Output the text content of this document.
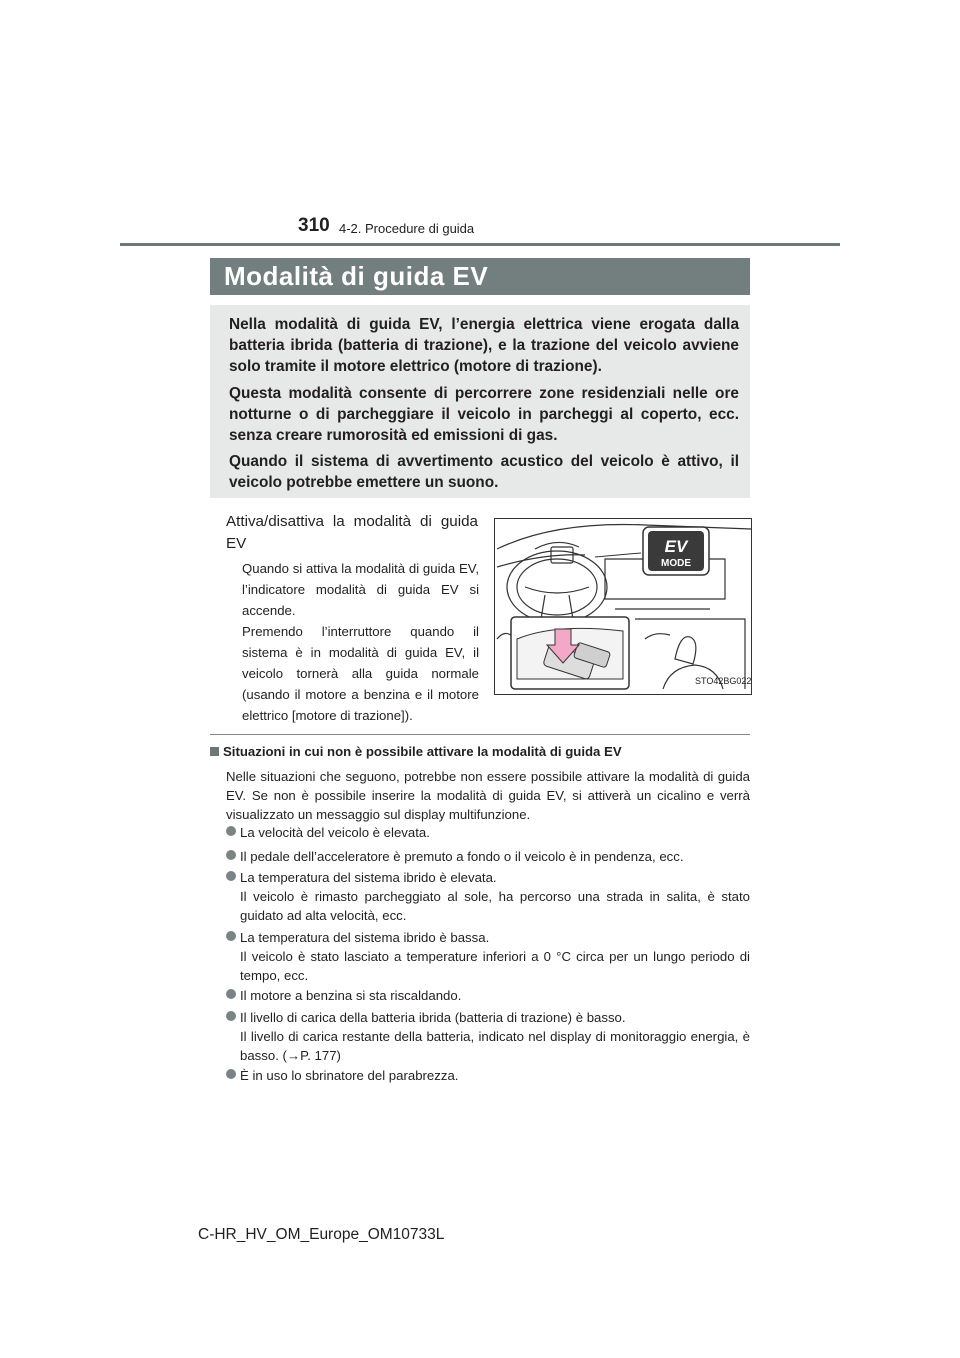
310 4-2. Procedure di guida
Modalità di guida EV

Nella modalità di guida EV, l’energia elettrica viene erogata dalla batteria ibrida (batteria di trazione), e la trazione del veicolo avviene solo tramite il motore elettrico (motore di trazione).

Questa modalità consente di percorrere zone residenziali nelle ore notturne o di parcheggiare il veicolo in parcheggi al coperto, ecc. senza creare rumorosità ed emissioni di gas.

Quando il sistema di avvertimento acustico del veicolo è attivo, il veicolo potrebbe emettere un suono.

Attiva/disattiva la modalità di guida EV
Quando si attiva la modalità di guida EV, l’indicatore modalità di guida EV si accende.
Premendo l’interruttore quando il sistema è in modalità di guida EV, il veicolo tornerà alla guida normale (usando il motore a benzina e il motore elettrico [motore di trazione]).
EV
MODE
STO42BG022
Situazioni in cui non è possibile attivare la modalità di guida EV
Nelle situazioni che seguono, potrebbe non essere possibile attivare la modalità di guida EV. Se non è possibile inserire la modalità di guida EV, si attiverà un cicalino e verrà visualizzato un messaggio sul display multifunzione.
La velocità del veicolo è elevata.
Il pedale dell’acceleratore è premuto a fondo o il veicolo è in pendenza, ecc.
La temperatura del sistema ibrido è elevata.
Il veicolo è rimasto parcheggiato al sole, ha percorso una strada in salita, è stato guidato ad alta velocità, ecc.
La temperatura del sistema ibrido è bassa.
Il veicolo è stato lasciato a temperature inferiori a 0 °C circa per un lungo periodo di tempo, ecc.
Il motore a benzina si sta riscaldando.
Il livello di carica della batteria ibrida (batteria di trazione) è basso.
Il livello di carica restante della batteria, indicato nel display di monitoraggio energia, è basso. (→P. 177)
È in uso lo sbrinatore del parabrezza.
C-HR_HV_OM_Europe_OM10733L
